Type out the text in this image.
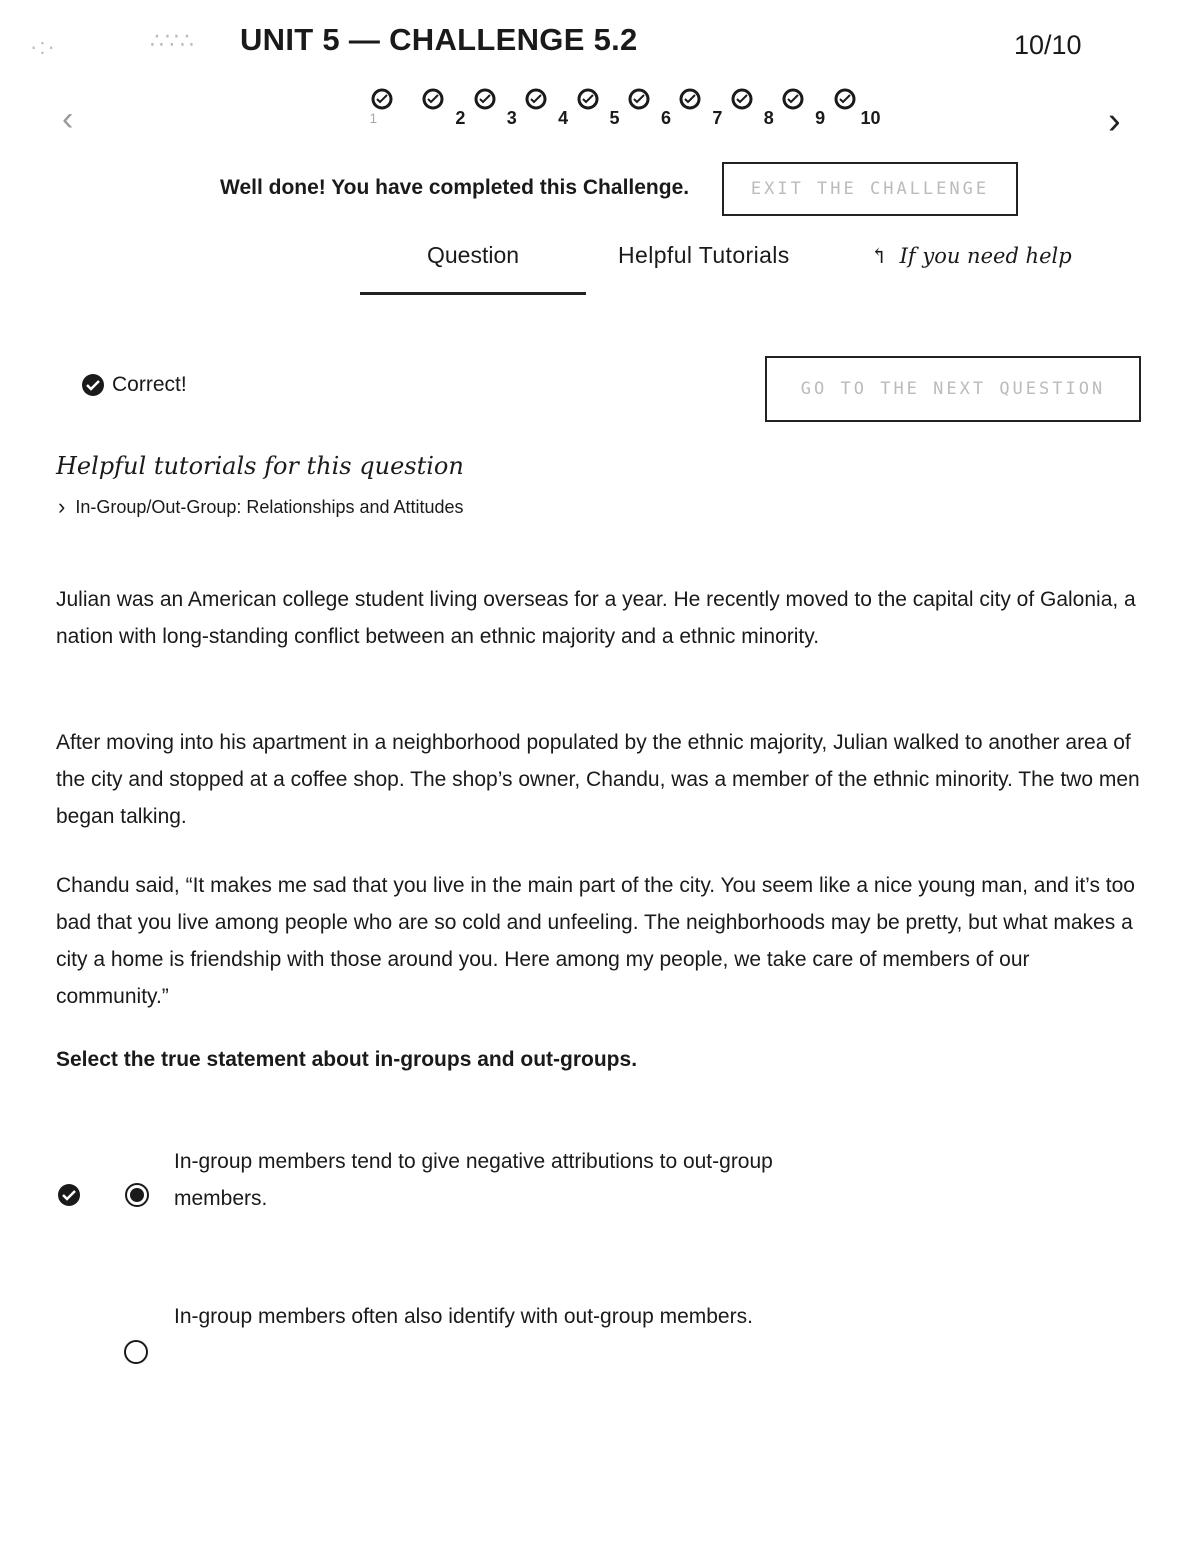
·:·	∴∵∴	UNIT 5 — CHALLENGE 5.2	10/10
‹	›
1	2 3 4 5 6 7 8 9 10
Well done! You have completed this Challenge.	EXIT THE CHALLENGE
Question	Helpful Tutorials	↰ If you need help
Correct!	GO TO THE NEXT QUESTION
Helpful tutorials for this question
› In-Group/Out-Group: Relationships and Attitudes
Julian was an American college student living overseas for a year. He recently moved to the capital city of Galonia, a nation with long-standing conflict between an ethnic majority and a ethnic minority.
After moving into his apartment in a neighborhood populated by the ethnic majority, Julian walked to another area of the city and stopped at a coffee shop. The shop’s owner, Chandu, was a member of the ethnic minority. The two men began talking.
Chandu said, “It makes me sad that you live in the main part of the city. You seem like a nice young man, and it’s too bad that you live among people who are so cold and unfeeling. The neighborhoods may be pretty, but what makes a city a home is friendship with those around you. Here among my people, we take care of members of our community.”
Select the true statement about in-groups and out-groups.
In-group members tend to give negative attributions to out-group members.
In-group members often also identify with out-group members.
